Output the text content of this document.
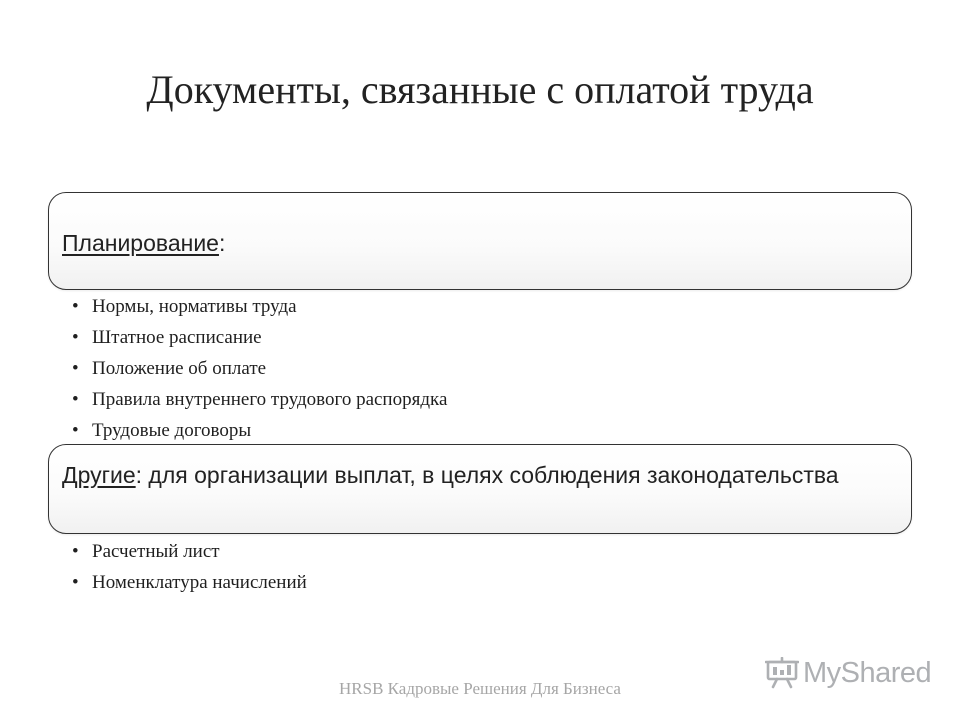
Документы, связанные с оплатой труда
Планирование:
• Нормы, нормативы труда
• Штатное расписание
• Положение об оплате
• Правила внутреннего трудового распорядка
• Трудовые договоры
Другие: для организации выплат, в целях соблюдения законодательства
• Расчетный лист
• Номенклатура начислений
HRSB Кадровые Решения Для Бизнеса	MyShared
